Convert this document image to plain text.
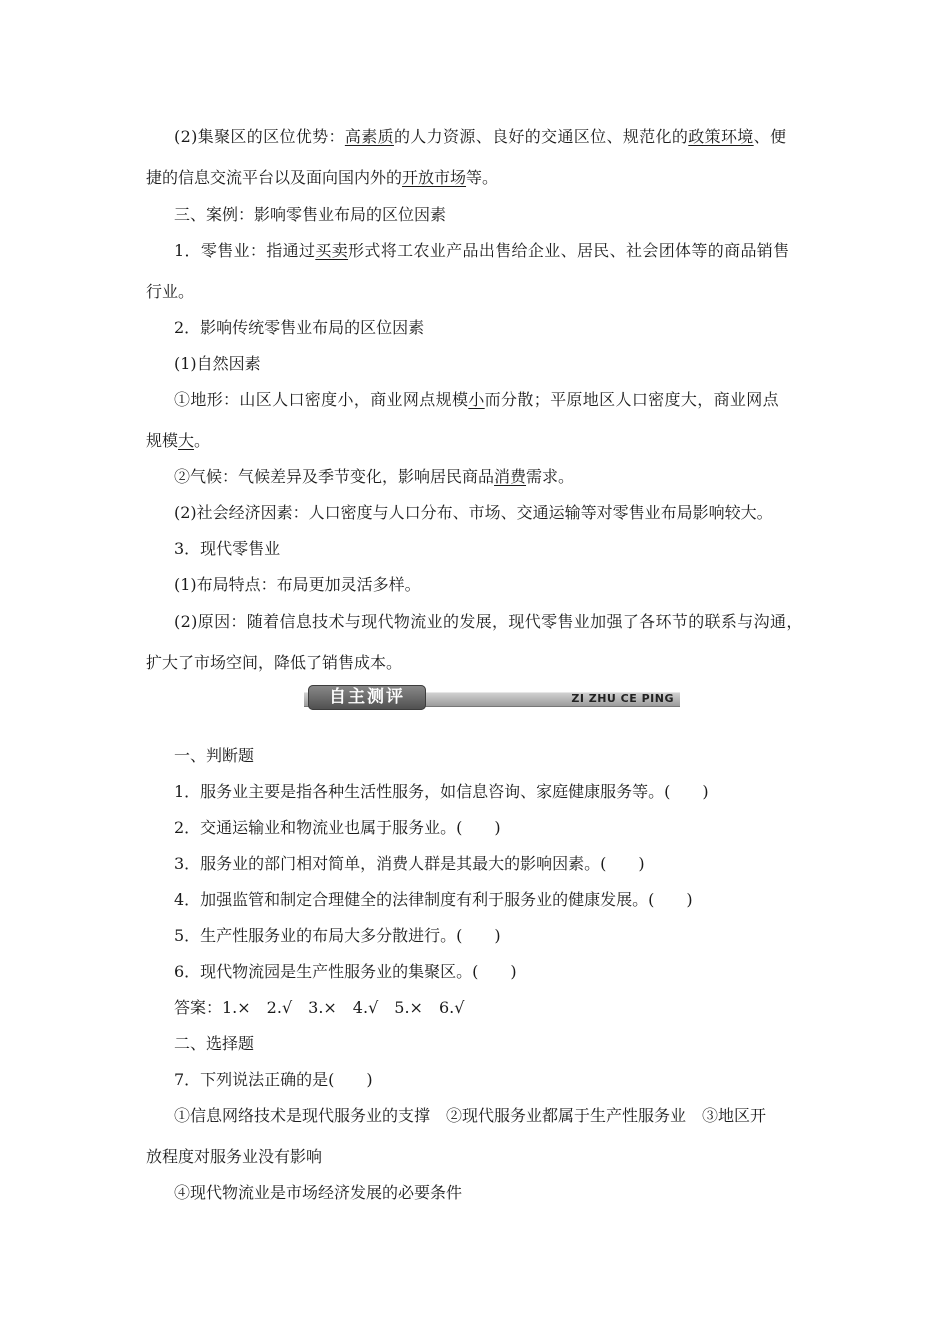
(2)集聚区的区位优势：高素质的人力资源、良好的交通区位、规范化的政策环境、便
捷的信息交流平台以及面向国内外的开放市场等。
三、案例：影响零售业布局的区位因素
1．零售业：指通过买卖形式将工农业产品出售给企业、居民、社会团体等的商品销售
行业。
2．影响传统零售业布局的区位因素
(1)自然因素
①地形：山区人口密度小，商业网点规模小而分散；平原地区人口密度大，商业网点
规模大。
②气候：气候差异及季节变化，影响居民商品消费需求。
(2)社会经济因素：人口密度与人口分布、市场、交通运输等对零售业布局影响较大。
3．现代零售业
(1)布局特点：布局更加灵活多样。
(2)原因：随着信息技术与现代物流业的发展，现代零售业加强了各环节的联系与沟通，
扩大了市场空间，降低了销售成本。
自主测评	ZI ZHU CE PING
一、判断题
1．服务业主要是指各种生活性服务，如信息咨询、家庭健康服务等。(　　)
2．交通运输业和物流业也属于服务业。(　　)
3．服务业的部门相对简单，消费人群是其最大的影响因素。(　　)
4．加强监管和制定合理健全的法律制度有利于服务业的健康发展。(　　)
5．生产性服务业的布局大多分散进行。(　　)
6．现代物流园是生产性服务业的集聚区。(　　)
答案：1.×　2.√　3.×　4.√　5.×　6.√
二、选择题
7．下列说法正确的是(　　)
①信息网络技术是现代服务业的支撑　②现代服务业都属于生产性服务业　③地区开
放程度对服务业没有影响
④现代物流业是市场经济发展的必要条件
